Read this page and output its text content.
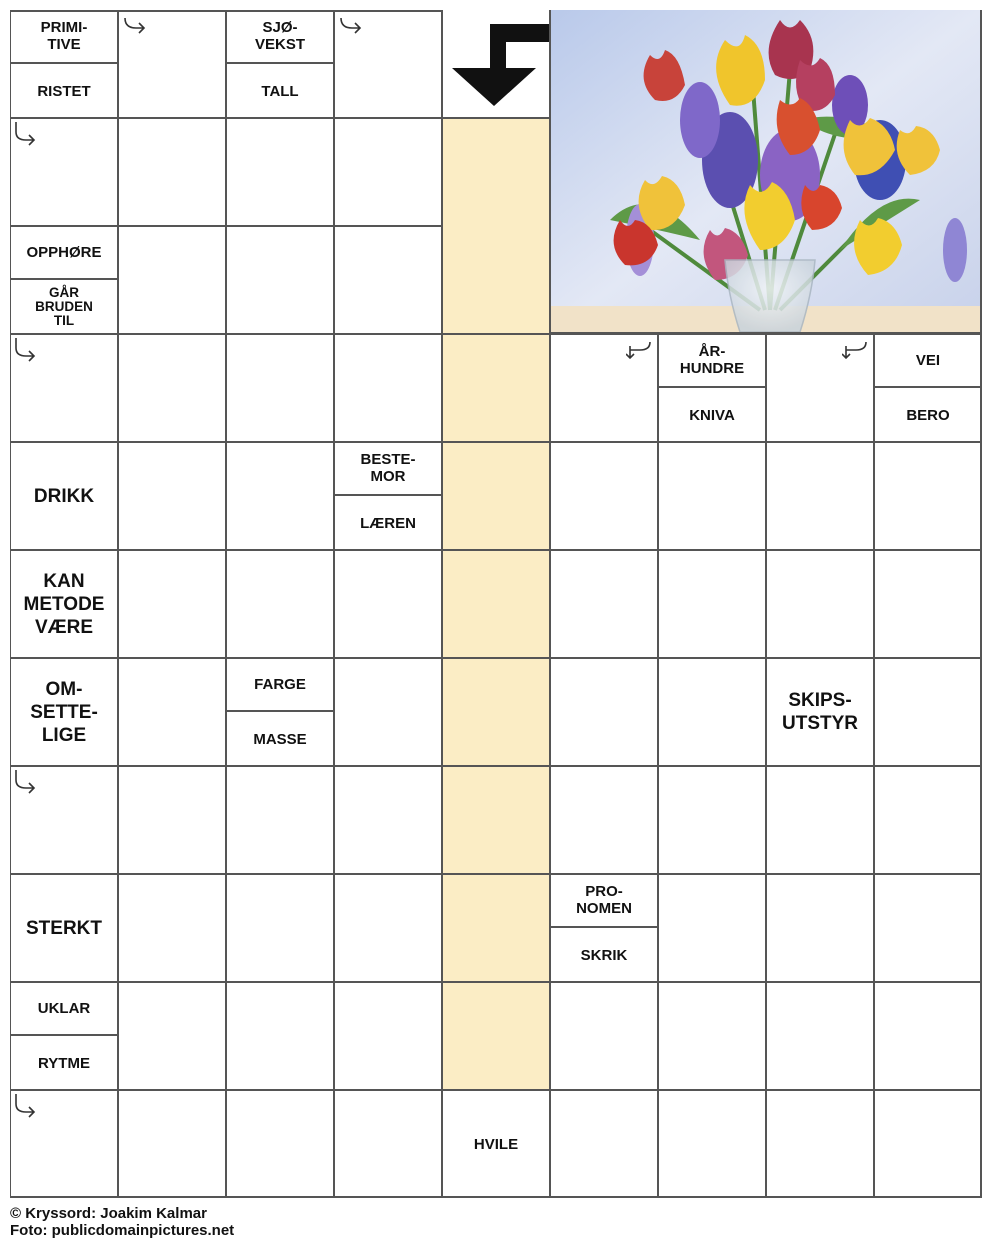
PRIMI-
TIVE
RISTET
SJØ-
VEKST
TALL
OPPHØRE
GÅR
BRUDEN
TIL
ÅR-
HUNDRE
KNIVA
VEI
BERO
DRIKK
BESTE-
MOR
LÆREN
KAN
METODE
VÆRE
OM-
SETTE-
LIGE
FARGE
MASSE
SKIPS-
UTSTYR
STERKT
PRO-
NOMEN
SKRIK
UKLAR
RYTME
HVILE
© Kryssord: Joakim Kalmar
Foto: publicdomainpictures.net
